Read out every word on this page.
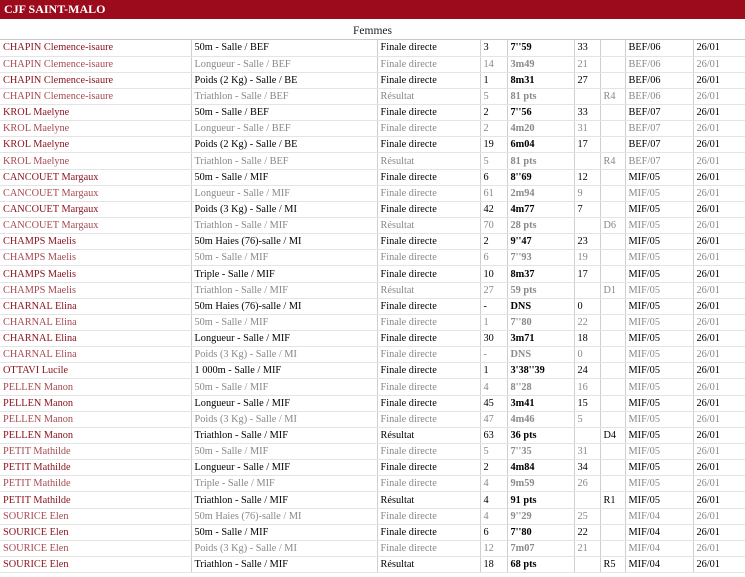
CJF SAINT-MALO
Femmes
CHAPIN Clemence-isaure	50m - Salle / BEF	Finale directe	3	7''59	33		BEF/06	26/01
CHAPIN Clemence-isaure	Longueur - Salle / BEF	Finale directe	14	3m49	21		BEF/06	26/01
CHAPIN Clemence-isaure	Poids (2 Kg) - Salle / BE	Finale directe	1	8m31	27		BEF/06	26/01
CHAPIN Clemence-isaure	Triathlon - Salle / BEF	Résultat	5	81 pts		R4	BEF/06	26/01
KROL Maelyne	50m - Salle / BEF	Finale directe	2	7''56	33		BEF/07	26/01
KROL Maelyne	Longueur - Salle / BEF	Finale directe	2	4m20	31		BEF/07	26/01
KROL Maelyne	Poids (2 Kg) - Salle / BE	Finale directe	19	6m04	17		BEF/07	26/01
KROL Maelyne	Triathlon - Salle / BEF	Résultat	5	81 pts		R4	BEF/07	26/01
CANCOUET Margaux	50m - Salle / MIF	Finale directe	6	8''69	12		MIF/05	26/01
CANCOUET Margaux	Longueur - Salle / MIF	Finale directe	61	2m94	9		MIF/05	26/01
CANCOUET Margaux	Poids (3 Kg) - Salle / MI	Finale directe	42	4m77	7		MIF/05	26/01
CANCOUET Margaux	Triathlon - Salle / MIF	Résultat	70	28 pts		D6	MIF/05	26/01
CHAMPS Maelis	50m Haies (76)-salle / MI	Finale directe	2	9''47	23		MIF/05	26/01
CHAMPS Maelis	50m - Salle / MIF	Finale directe	6	7''93	19		MIF/05	26/01
CHAMPS Maelis	Triple - Salle / MIF	Finale directe	10	8m37	17		MIF/05	26/01
CHAMPS Maelis	Triathlon - Salle / MIF	Résultat	27	59 pts		D1	MIF/05	26/01
CHARNAL Elina	50m Haies (76)-salle / MI	Finale directe	-	DNS	0		MIF/05	26/01
CHARNAL Elina	50m - Salle / MIF	Finale directe	1	7''80	22		MIF/05	26/01
CHARNAL Elina	Longueur - Salle / MIF	Finale directe	30	3m71	18		MIF/05	26/01
CHARNAL Elina	Poids (3 Kg) - Salle / MI	Finale directe	-	DNS	0		MIF/05	26/01
OTTAVI Lucile	1 000m - Salle / MIF	Finale directe	1	3'38''39	24		MIF/05	26/01
PELLEN Manon	50m - Salle / MIF	Finale directe	4	8''28	16		MIF/05	26/01
PELLEN Manon	Longueur - Salle / MIF	Finale directe	45	3m41	15		MIF/05	26/01
PELLEN Manon	Poids (3 Kg) - Salle / MI	Finale directe	47	4m46	5		MIF/05	26/01
PELLEN Manon	Triathlon - Salle / MIF	Résultat	63	36 pts		D4	MIF/05	26/01
PETIT Mathilde	50m - Salle / MIF	Finale directe	5	7''35	31		MIF/05	26/01
PETIT Mathilde	Longueur - Salle / MIF	Finale directe	2	4m84	34		MIF/05	26/01
PETIT Mathilde	Triple - Salle / MIF	Finale directe	4	9m59	26		MIF/05	26/01
PETIT Mathilde	Triathlon - Salle / MIF	Résultat	4	91 pts		R1	MIF/05	26/01
SOURICE Elen	50m Haies (76)-salle / MI	Finale directe	4	9''29	25		MIF/04	26/01
SOURICE Elen	50m - Salle / MIF	Finale directe	6	7''80	22		MIF/04	26/01
SOURICE Elen	Poids (3 Kg) - Salle / MI	Finale directe	12	7m07	21		MIF/04	26/01
SOURICE Elen	Triathlon - Salle / MIF	Résultat	18	68 pts		R5	MIF/04	26/01
